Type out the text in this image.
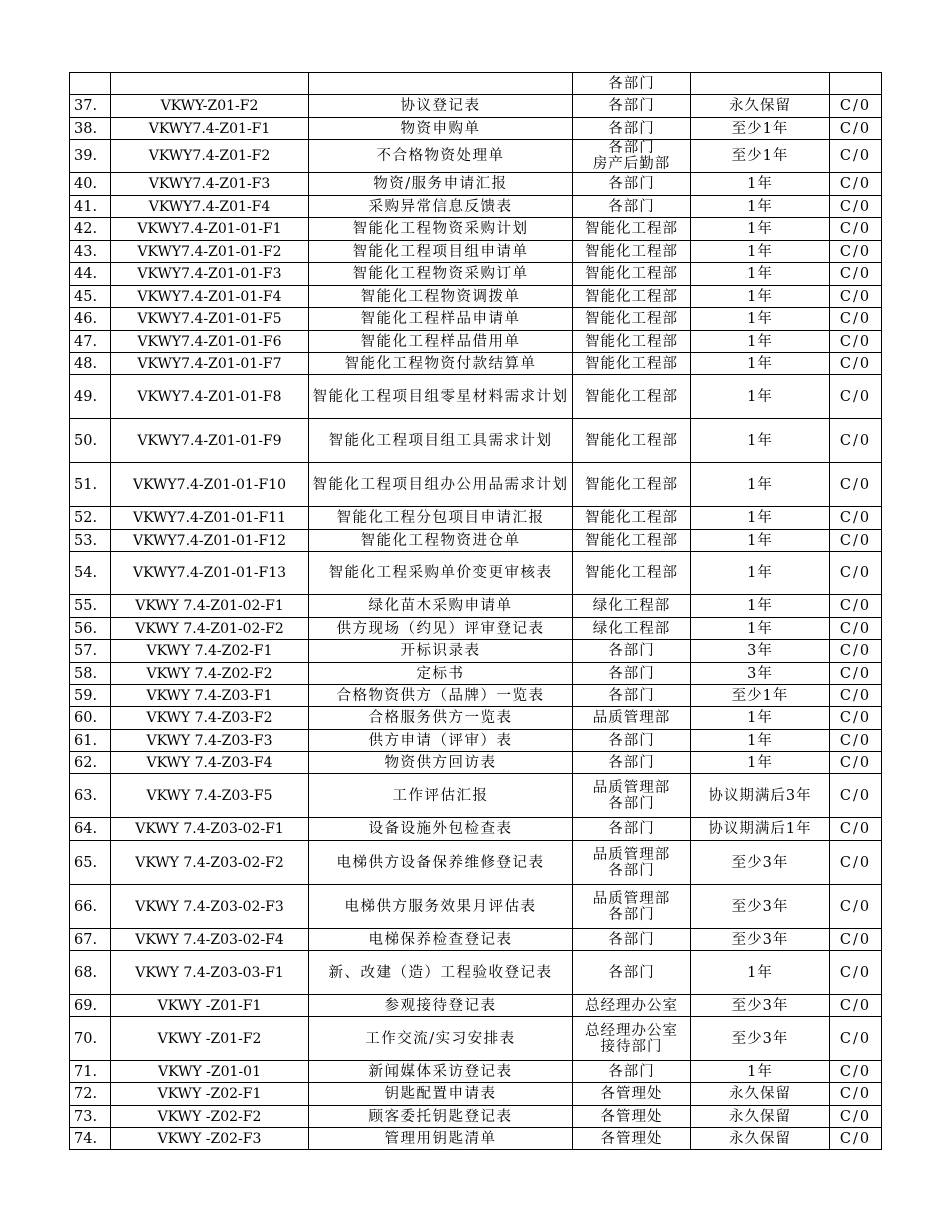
			各部门		
37.	VKWY-Z01-F2	协议登记表	各部门	永久保留	C/0
38.	VKWY7.4-Z01-F1	物资申购单	各部门	至少1年	C/0
39.	VKWY7.4-Z01-F2	不合格物资处理单	各部门
房产后勤部	至少1年	C/0
40.	VKWY7.4-Z01-F3	物资/服务申请汇报	各部门	1年	C/0
41.	VKWY7.4-Z01-F4	采购异常信息反馈表	各部门	1年	C/0
42.	VKWY7.4-Z01-01-F1	智能化工程物资采购计划	智能化工程部	1年	C/0
43.	VKWY7.4-Z01-01-F2	智能化工程项目组申请单	智能化工程部	1年	C/0
44.	VKWY7.4-Z01-01-F3	智能化工程物资采购订单	智能化工程部	1年	C/0
45.	VKWY7.4-Z01-01-F4	智能化工程物资调拨单	智能化工程部	1年	C/0
46.	VKWY7.4-Z01-01-F5	智能化工程样品申请单	智能化工程部	1年	C/0
47.	VKWY7.4-Z01-01-F6	智能化工程样品借用单	智能化工程部	1年	C/0
48.	VKWY7.4-Z01-01-F7	智能化工程物资付款结算单	智能化工程部	1年	C/0
49.	VKWY7.4-Z01-01-F8	智能化工程项目组零星材料需求计划	智能化工程部	1年	C/0
50.	VKWY7.4-Z01-01-F9	智能化工程项目组工具需求计划	智能化工程部	1年	C/0
51.	VKWY7.4-Z01-01-F10	智能化工程项目组办公用品需求计划	智能化工程部	1年	C/0
52.	VKWY7.4-Z01-01-F11	智能化工程分包项目申请汇报	智能化工程部	1年	C/0
53.	VKWY7.4-Z01-01-F12	智能化工程物资进仓单	智能化工程部	1年	C/0
54.	VKWY7.4-Z01-01-F13	智能化工程采购单价变更审核表	智能化工程部	1年	C/0
55.	VKWY 7.4-Z01-02-F1	绿化苗木采购申请单	绿化工程部	1年	C/0
56.	VKWY 7.4-Z01-02-F2	供方现场（约见）评审登记表	绿化工程部	1年	C/0
57.	VKWY 7.4-Z02-F1	开标识录表	各部门	3年	C/0
58.	VKWY 7.4-Z02-F2	定标书	各部门	3年	C/0
59.	VKWY 7.4-Z03-F1	合格物资供方（品牌）一览表	各部门	至少1年	C/0
60.	VKWY 7.4-Z03-F2	合格服务供方一览表	品质管理部	1年	C/0
61.	VKWY 7.4-Z03-F3	供方申请（评审）表	各部门	1年	C/0
62.	VKWY 7.4-Z03-F4	物资供方回访表	各部门	1年	C/0
63.	VKWY 7.4-Z03-F5	工作评估汇报	品质管理部
各部门	协议期满后3年	C/0
64.	VKWY 7.4-Z03-02-F1	设备设施外包检查表	各部门	协议期满后1年	C/0
65.	VKWY 7.4-Z03-02-F2	电梯供方设备保养维修登记表	品质管理部
各部门	至少3年	C/0
66.	VKWY 7.4-Z03-02-F3	电梯供方服务效果月评估表	品质管理部
各部门	至少3年	C/0
67.	VKWY 7.4-Z03-02-F4	电梯保养检查登记表	各部门	至少3年	C/0
68.	VKWY 7.4-Z03-03-F1	新、改建（造）工程验收登记表	各部门	1年	C/0
69.	VKWY -Z01-F1	参观接待登记表	总经理办公室	至少3年	C/0
70.	VKWY -Z01-F2	工作交流/实习安排表	总经理办公室
接待部门	至少3年	C/0
71.	VKWY -Z01-01	新闻媒体采访登记表	各部门	1年	C/0
72.	VKWY -Z02-F1	钥匙配置申请表	各管理处	永久保留	C/0
73.	VKWY -Z02-F2	顾客委托钥匙登记表	各管理处	永久保留	C/0
74.	VKWY -Z02-F3	管理用钥匙清单	各管理处	永久保留	C/0
